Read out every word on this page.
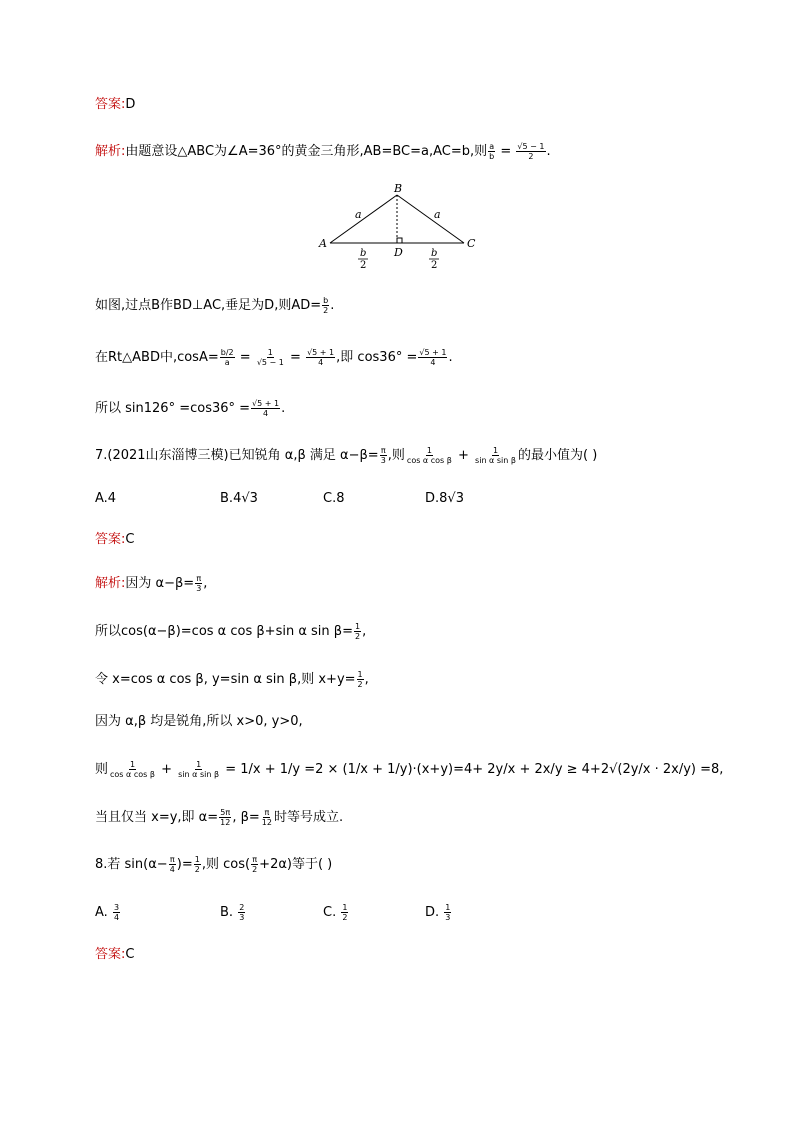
答案:D
解析:由题意设△ABC为∠A=36°的黄金三角形,AB=BC=a,AC=b,则 $\frac{a}{b} = \frac{√5 - 1}{2}$ .
B
A	C
D
a	a
b
2
b
2
如图,过点B作BD⊥AC,垂足为D,则$AD= \frac{b}{2}$ .
在Rt△ABD中$,\cos A= \frac{b/2}{a} = \frac{1}{√5 - 1} = \frac{√5 + 1}{4}$ ,即 $\cos 36^\circ = \frac{√5 + 1}{4}$ .
所以 $\sin 126^\circ =\cos 36^\circ = \frac{√5 + 1}{4}$ .
7.(2021山东淄博三模)已知锐角 α,β 满足 $\alpha-\beta= \frac{\pi}{3}$ ,则 $\frac{1}{\text{cos α cos β}} + \frac{1}{\text{sin α sin β}}$ 的最小值为( )
A.4	B.4√3	C.8	D.8√3
答案:C
解析:因为 $\alpha-\beta= \frac{\pi}{3}$ ,
所以cos(α−β)=cos α cos β+sin α $\sin \beta= \frac{1}{2}$ ,
令 x=cos α cos β, y=sin α sin β,则 $x+y= \frac{1}{2}$ ,
因为 α,β 均是锐角,所以 x>0, y>0,
则 $\frac{1}{\text{cos α cos β}} + \frac{1}{\text{sin α sin β}} = 1/x + 1/y =2 \times (1/x + 1/y)\cdot(x+y)=4+ 2y/x + 2x/y \ge 4+2√(2y/x \cdot 2x/y) =8$,
当且仅当 x=y,即 $\alpha= \frac{5\pi}{12}$ , $\beta= \frac{\pi}{12}$ 时等号成立.
8.若 $\sin(\alpha- \frac{\pi}{4}$ )= $\frac{1}{2}$ ,则 $\cos( \frac{\pi}{2} +2\alpha)$等于( )
A. $\frac{3}{4}$	B. $\frac{2}{3}$	C. $\frac{1}{2}$	D. $\frac{1}{3}$
答案:C
